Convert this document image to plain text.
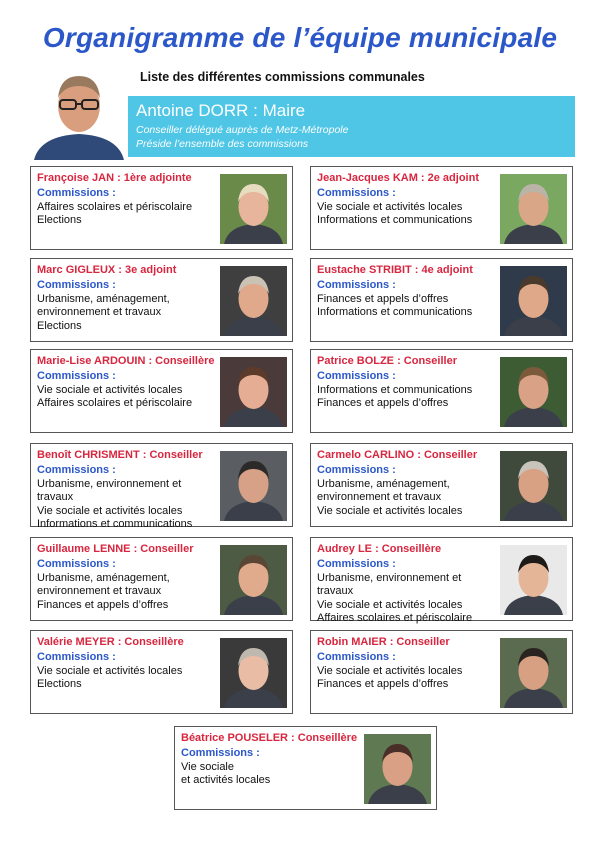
Organigramme de l’équipe municipale
Liste des différentes commissions communales
Antoine DORR : Maire
Conseiller délégué auprès de Metz-Métropole
Préside l’ensemble des commissions
Françoise JAN : 1ère adjointe
Commissions :
Affaires scolaires et périscolaire
Elections
Jean-Jacques KAM : 2e adjoint
Commissions :
Vie sociale et activités locales
Informations et communications
Marc GIGLEUX : 3e adjoint
Commissions :
Urbanisme, aménagement, environnement et travaux
Elections
Eustache STRIBIT : 4e adjoint
Commissions :
Finances et appels d’offres
Informations et communications
Marie-Lise ARDOUIN : Conseillère
Commissions :
Vie sociale et activités locales
Affaires scolaires et périscolaire
Patrice BOLZE : Conseiller
Commissions :
Informations et communications
Finances et appels d’offres
Benoît CHRISMENT : Conseiller
Commissions :
Urbanisme, environnement et travaux
Vie sociale et activités locales
Informations et communications
Carmelo CARLINO : Conseiller
Commissions :
Urbanisme, aménagement, environnement et travaux
Vie sociale et activités locales
Guillaume LENNE : Conseiller
Commissions :
Urbanisme, aménagement, environnement et travaux
Finances et appels d’offres
Audrey LE : Conseillère
Commissions :
Urbanisme, environnement et travaux
Vie sociale et activités locales
Affaires scolaires et périscolaire
Valérie MEYER : Conseillère
Commissions :
Vie sociale et activités locales
Elections
Robin MAIER : Conseiller
Commissions :
Vie sociale et activités locales
Finances et appels d’offres
Béatrice POUSELER : Conseillère
Commissions :
Vie sociale
et activités locales
